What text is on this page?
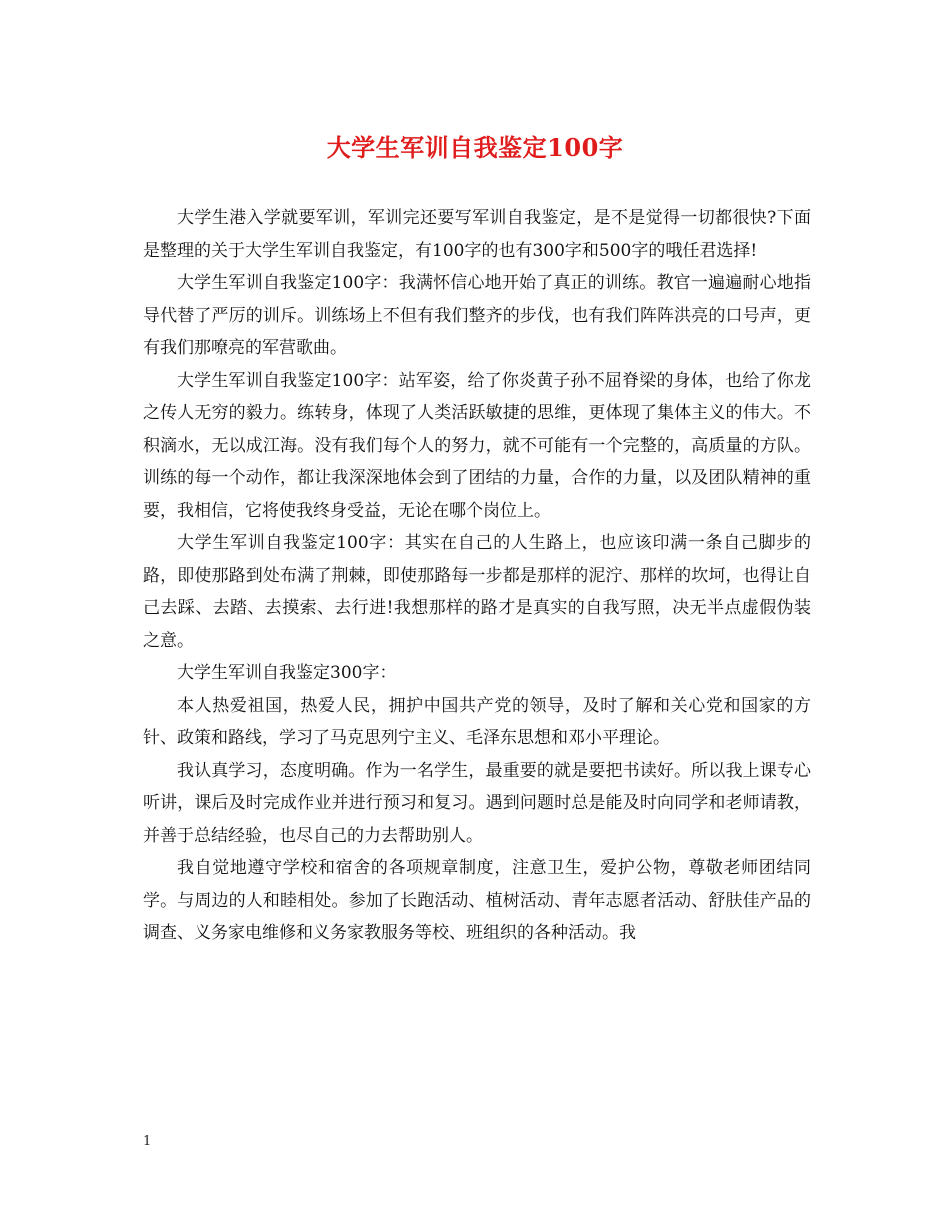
大学生军训自我鉴定100字

大学生港入学就要军训，军训完还要写军训自我鉴定，是不是觉得一切都很快?下面是整理的关于大学生军训自我鉴定，有100字的也有300字和500字的哦任君选择!

大学生军训自我鉴定100字：我满怀信心地开始了真正的训练。教官一遍遍耐心地指导代替了严厉的训斥。训练场上不但有我们整齐的步伐，也有我们阵阵洪亮的口号声，更有我们那嘹亮的军营歌曲。

大学生军训自我鉴定100字：站军姿，给了你炎黄子孙不屈脊梁的身体，也给了你龙之传人无穷的毅力。练转身，体现了人类活跃敏捷的思维，更体现了集体主义的伟大。不积滴水，无以成江海。没有我们每个人的努力，就不可能有一个完整的，高质量的方队。训练的每一个动作，都让我深深地体会到了团结的力量，合作的力量，以及团队精神的重要，我相信，它将使我终身受益，无论在哪个岗位上。

大学生军训自我鉴定100字：其实在自己的人生路上，也应该印满一条自己脚步的路，即使那路到处布满了荆棘，即使那路每一步都是那样的泥泞、那样的坎坷，也得让自己去踩、去踏、去摸索、去行进!我想那样的路才是真实的自我写照，决无半点虚假伪装之意。

大学生军训自我鉴定300字：

本人热爱祖国，热爱人民，拥护中国共产党的领导，及时了解和关心党和国家的方针、政策和路线，学习了马克思列宁主义、毛泽东思想和邓小平理论。

我认真学习，态度明确。作为一名学生，最重要的就是要把书读好。所以我上课专心听讲，课后及时完成作业并进行预习和复习。遇到问题时总是能及时向同学和老师请教，并善于总结经验，也尽自己的力去帮助别人。

我自觉地遵守学校和宿舍的各项规章制度，注意卫生，爱护公物，尊敬老师团结同学。与周边的人和睦相处。参加了长跑活动、植树活动、青年志愿者活动、舒肤佳产品的调查、义务家电维修和义务家教服务等校、班组织的各种活动。我

1
